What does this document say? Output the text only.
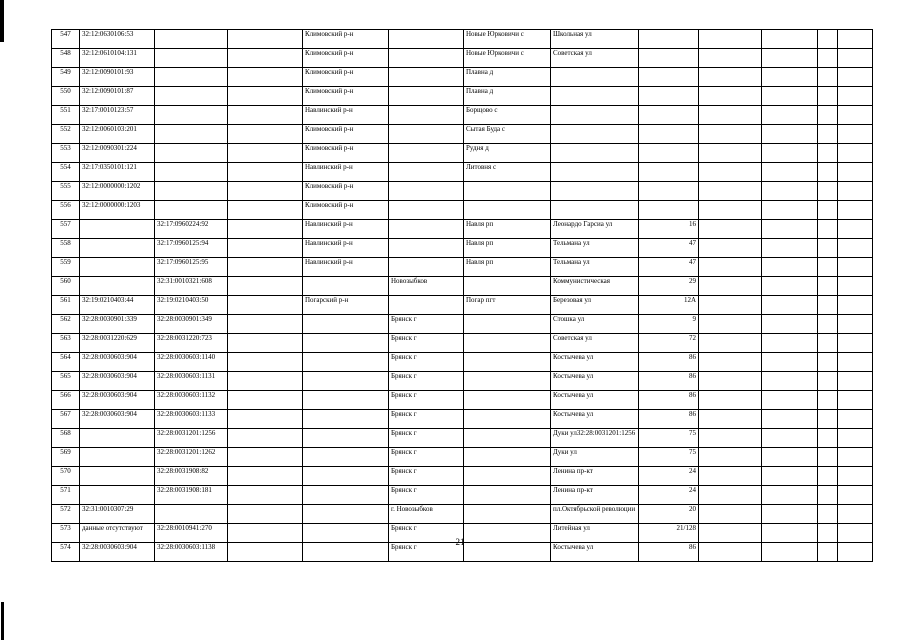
547	32:12:0630106:53			Климовский р-н		Новые Юрковичи с	Школьная ул					
548	32:12:0610104:131			Климовский р-н		Новые Юрковичи с	Советская ул					
549	32:12:0090101:93			Климовский р-н		Плавна д						
550	32:12:0090101:87			Климовский р-н		Плавна д						
551	32:17:0010123:57			Навлинский р-н		Борщово с						
552	32:12:0060103:201			Климовский р-н		Сытая Буда с						
553	32:12:0090301:224			Климовский р-н		Рудня д						
554	32:17:0350101:121			Навлинский р-н		Литовня с						
555	32:12:0000000:1202			Климовский р-н								
556	32:12:0000000:1203			Климовский р-н								
557		32:17:0960224:92		Навлинский р-н		Навля рп	Леонардо Гарсиа ул	16				
558		32:17:0960125:94		Навлинский р-н		Навля рп	Тельмана ул	47				
559		32:17:0960125:95		Навлинский р-н		Навля рп	Тельмана ул	47				
560		32:31:0010321:608			Новозыбков		Коммунистическая	29				
561	32:19:0210403:44	32:19:0210403:50		Погарский р-н		Погар пгт	Березовая ул	12А				
562	32:28:0030901:339	32:28:0030901:349			Брянск г		Стошка ул	9				
563	32:28:0031220:629	32:28:0031220:723			Брянск г		Советская ул	72				
564	32:28:0030603:904	32:28:0030603:1140			Брянск г		Костычева ул	86				
565	32:28:0030603:904	32:28:0030603:1131			Брянск г		Костычева ул	86				
566	32:28:0030603:904	32:28:0030603:1132			Брянск г		Костычева ул	86				
567	32:28:0030603:904	32:28:0030603:1133			Брянск г		Костычева ул	86				
568		32:28:0031201:1256			Брянск г		Дуки ул32:28:0031201:1256	75				
569		32:28:0031201:1262			Брянск г		Дуки ул	75				
570		32:28:0031908:82			Брянск г		Ленина пр-кт	24				
571		32:28:0031908:181			Брянск г		Ленина пр-кт	24				
572	32:31:0010307:29				г. Новозыбков		пл.Октябрьской революции	20				
573	данные отсутствуют	32:28:0010941:270			Брянск г		Литейная ул	21/128				
574	32:28:0030603:904	32:28:0030603:1138			Брянск г		Костычева ул	86				
21
